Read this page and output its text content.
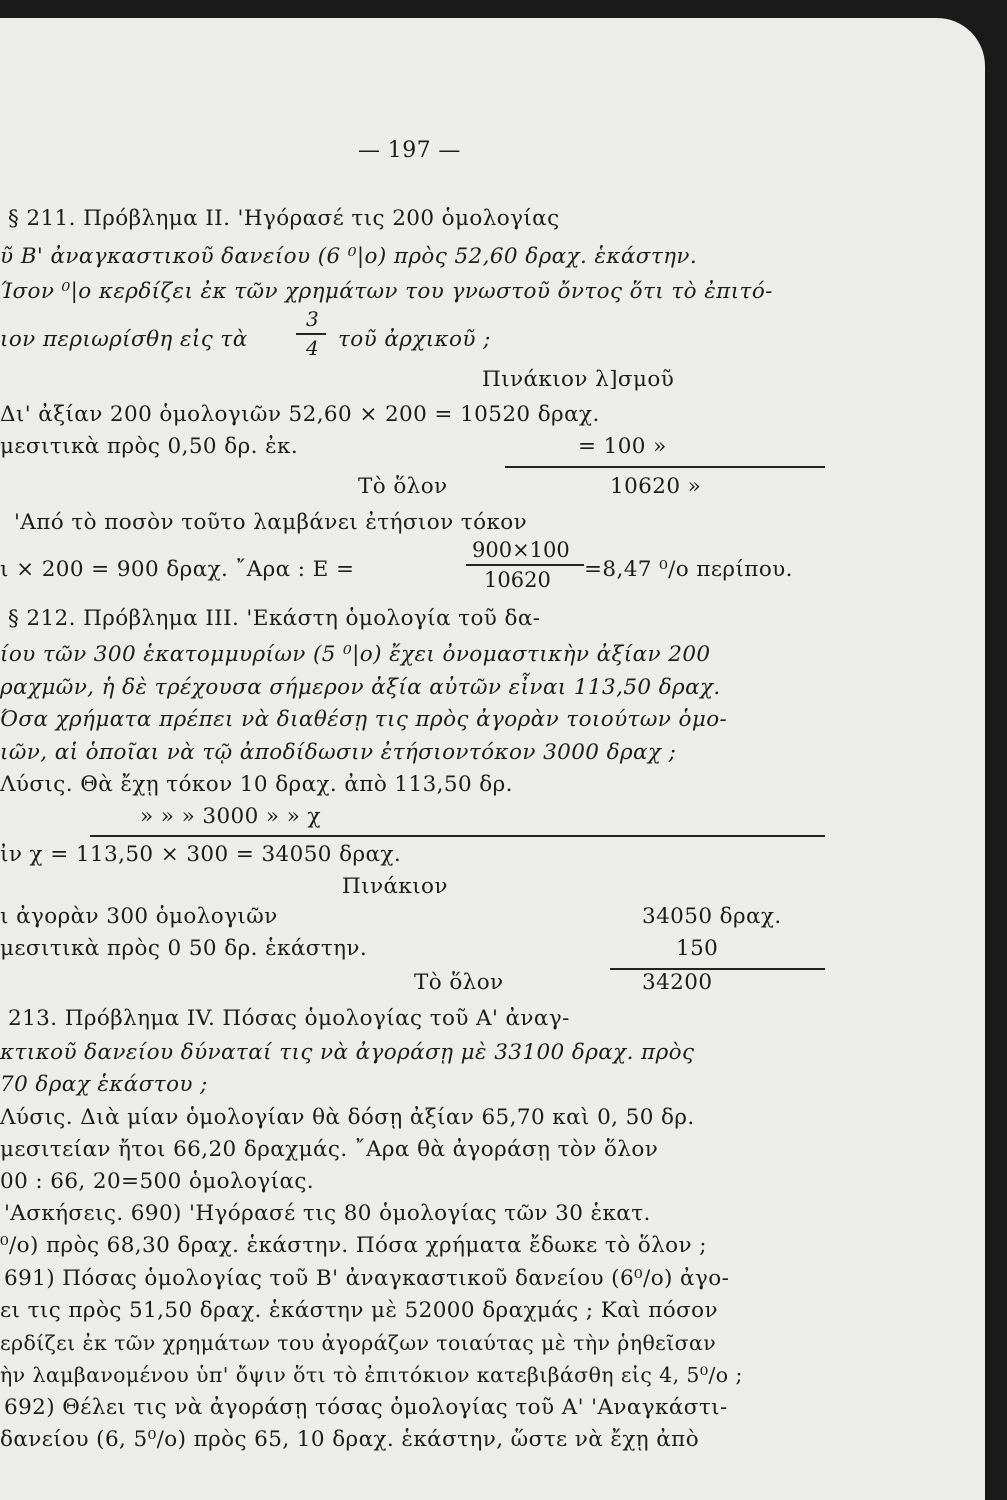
— 197 —
§ 211. Πρόβλημα ΙΙ. 'Ηγόρασέ τις 200 ὁμολογίας
ῦ Β' ἀναγκαστικοῦ δανείου (6 ⁰|ο) πρὸς 52,60 δραχ. ἑκάστην.
Ίσον ⁰|ο κερδίζει ἐκ τῶν χρημάτων του γνωστοῦ ὄντος ὅτι τὸ ἐπιτό-
ιον περιωρίσθη εἰς τὰ
3
4 τοῦ ἀρχικοῦ ;
Πινάκιον λ]σμοῦ
Δι' ἀξίαν 200 ὁμολογιῶν 52,60 × 200 = 10520 δραχ.
μεσιτικὰ πρὸς 0,50 δρ. ἐκ.	= 100 »
Τὸ ὅλον	10620 »
'Από τὸ ποσὸν τοῦτο λαμβάνει ἐτήσιον τόκον
ι × 200 = 900 δραχ. ῎Αρα : Ε =
900×100
10620 =8,47 ⁰/ο περίπου.
§ 212. Πρόβλημα ΙΙΙ. 'Εκάστη ὁμολογία τοῦ δα-
ίου τῶν 300 ἑκατομμυρίων (5 ⁰|ο) ἔχει ὀνομαστικὴν ἀξίαν 200
ραχμῶν, ἡ δὲ τρέχουσα σήμερον ἀξία αὐτῶν εἶναι 113,50 δραχ.
Όσα χρήματα πρέπει νὰ διαθέσῃ τις πρὸς ἀγορὰν τοιούτων ὁμο-
ιῶν, αἱ ὁποῖαι νὰ τῷ ἀποδίδωσιν ἐτήσιοντόκον 3000 δραχ ;
Λύσις. Θὰ ἔχῃ τόκον 10 δραχ. ἀπὸ 113,50 δρ.
» » » 3000 » » χ
ἰν χ = 113,50 × 300 = 34050 δραχ.
Πινάκιον
ι ἀγορὰν 300 ὁμολογιῶν	34050 δραχ.
μεσιτικὰ πρὸς 0 50 δρ. ἑκάστην.	150
Τὸ ὅλον	34200
213. Πρόβλημα ΙV. Πόσας ὁμολογίας τοῦ Α' ἀναγ-
κτικοῦ δανείου δύναταί τις νὰ ἀγοράσῃ μὲ 33100 δραχ. πρὸς
70 δραχ ἑκάστου ;
Λύσις. Διὰ μίαν ὁμολογίαν θὰ δόσῃ ἀξίαν 65,70 καὶ 0, 50 δρ.
μεσιτείαν ἤτοι 66,20 δραχμάς. ῎Αρα θὰ ἀγοράσῃ τὸν ὅλον
00 : 66, 20=500 ὁμολογίας.
'Ασκήσεις. 690) 'Ηγόρασέ τις 80 ὁμολογίας τῶν 30 ἑκατ.
⁰/ο) πρὸς 68,30 δραχ. ἑκάστην. Πόσα χρήματα ἔδωκε τὸ ὅλον ;
691) Πόσας ὁμολογίας τοῦ Β' ἀναγκαστικοῦ δανείου (6⁰/ο) ἀγο-
ει τις πρὸς 51,50 δραχ. ἑκάστην μὲ 52000 δραχμάς ; Καὶ πόσον
ερδίζει ἐκ τῶν χρημάτων του ἀγοράζων τοιαύτας μὲ τὴν ῥηθεῖσαν
ὴν λαμβανομένου ὑπ' ὄψιν ὅτι τὸ ἐπιτόκιον κατεβιβάσθη εἰς 4, 5⁰/ο ;
692) Θέλει τις νὰ ἀγοράσῃ τόσας ὁμολογίας τοῦ Α' 'Αναγκάστι-
δανείου (6, 5⁰/ο) πρὸς 65, 10 δραχ. ἑκάστην, ὥστε νὰ ἔχῃ ἀπὸ
